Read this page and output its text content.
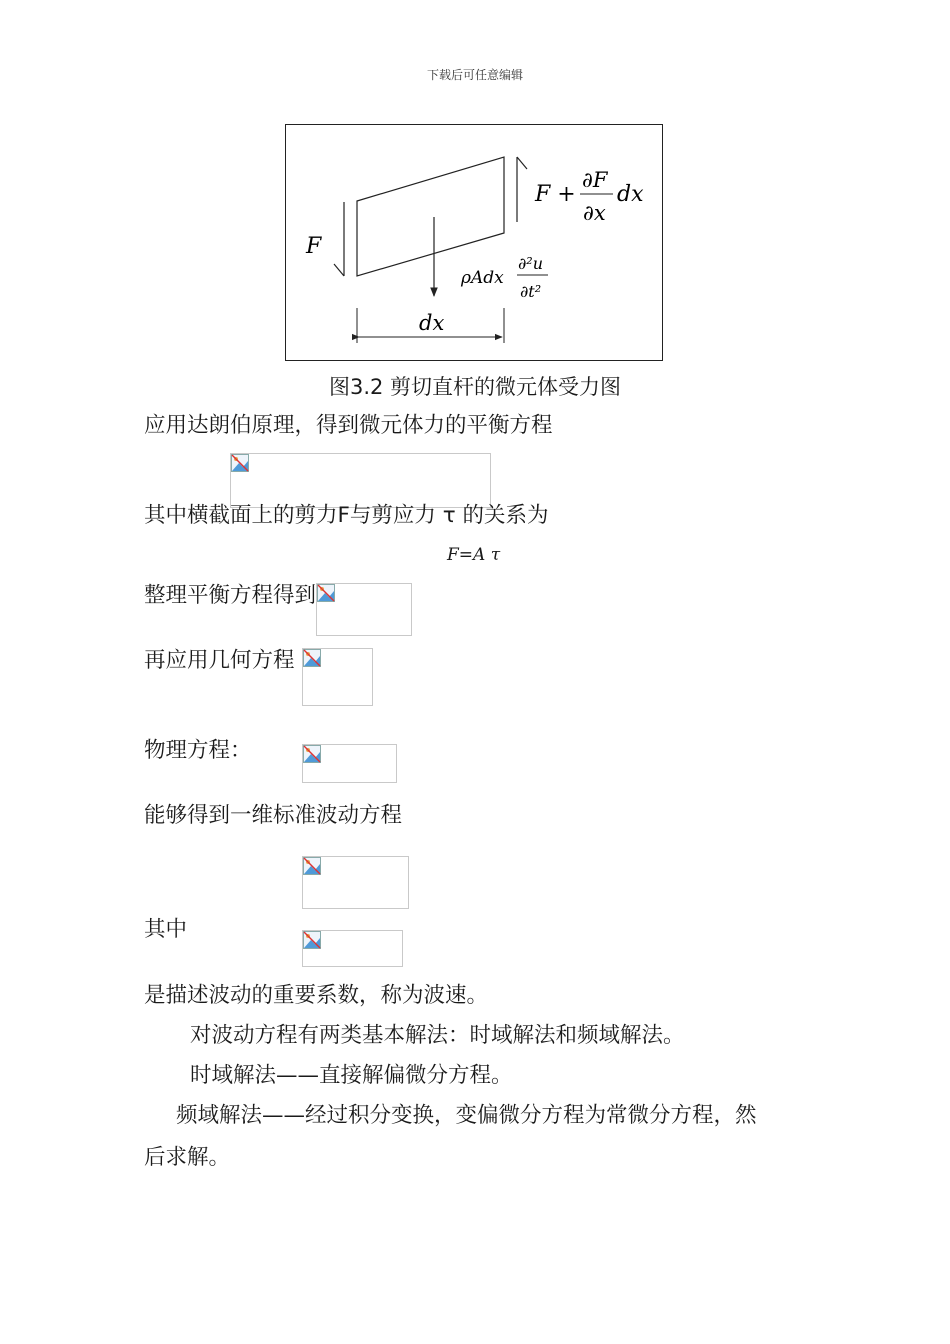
下载后可任意编辑
F
F +
∂F
∂x
dx
ρAdx
∂²u
∂t²
dx
图3.2 剪切直杆的微元体受力图
应用达朗伯原理，得到微元体力的平衡方程
其中横截面上的剪力F与剪应力 τ 的关系为
F=A τ
整理平衡方程得到
再应用几何方程
物理方程：
能够得到一维标准波动方程
其中
是描述波动的重要系数，称为波速。
对波动方程有两类基本解法：时域解法和频域解法。
时域解法——直接解偏微分方程。
频域解法——经过积分变换，变偏微分方程为常微分方程，然
后求解。
